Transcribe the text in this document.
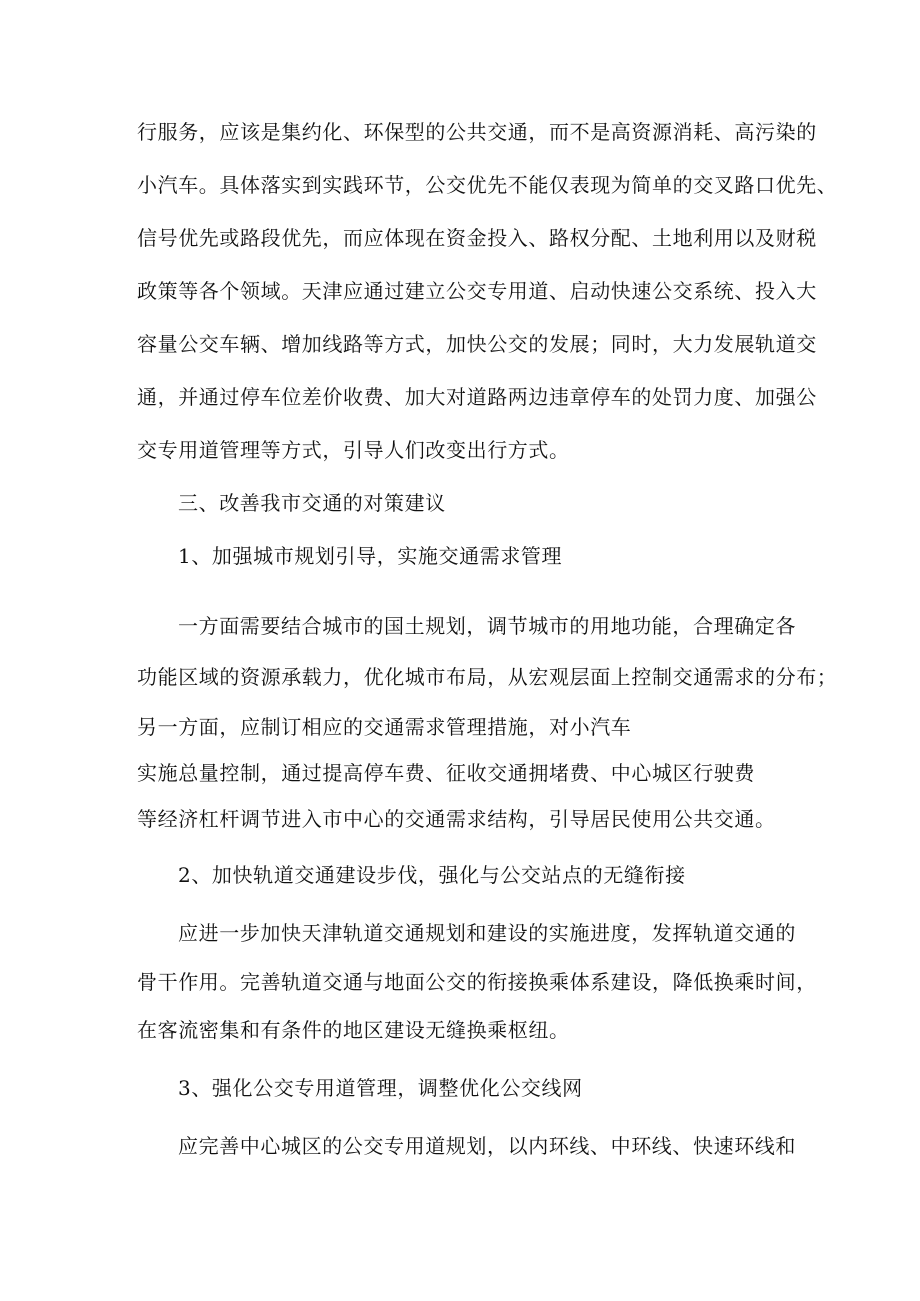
行服务，应该是集约化、环保型的公共交通，而不是高资源消耗、高污染的
小汽车。具体落实到实践环节，公交优先不能仅表现为简单的交叉路口优先、
信号优先或路段优先，而应体现在资金投入、路权分配、土地利用以及财税
政策等各个领域。天津应通过建立公交专用道、启动快速公交系统、投入大
容量公交车辆、增加线路等方式，加快公交的发展；同时，大力发展轨道交
通，并通过停车位差价收费、加大对道路两边违章停车的处罚力度、加强公
交专用道管理等方式，引导人们改变出行方式。
三、改善我市交通的对策建议
1、加强城市规划引导，实施交通需求管理
一方面需要结合城市的国土规划，调节城市的用地功能，合理确定各
功能区域的资源承载力，优化城市布局，从宏观层面上控制交通需求的分布；
另一方面，应制订相应的交通需求管理措施，对小汽车
实施总量控制，通过提高停车费、征收交通拥堵费、中心城区行驶费
等经济杠杆调节进入市中心的交通需求结构，引导居民使用公共交通。
2、加快轨道交通建设步伐，强化与公交站点的无缝衔接
应进一步加快天津轨道交通规划和建设的实施进度，发挥轨道交通的
骨干作用。完善轨道交通与地面公交的衔接换乘体系建设，降低换乘时间，
在客流密集和有条件的地区建设无缝换乘枢纽。
3、强化公交专用道管理，调整优化公交线网
应完善中心城区的公交专用道规划，以内环线、中环线、快速环线和
